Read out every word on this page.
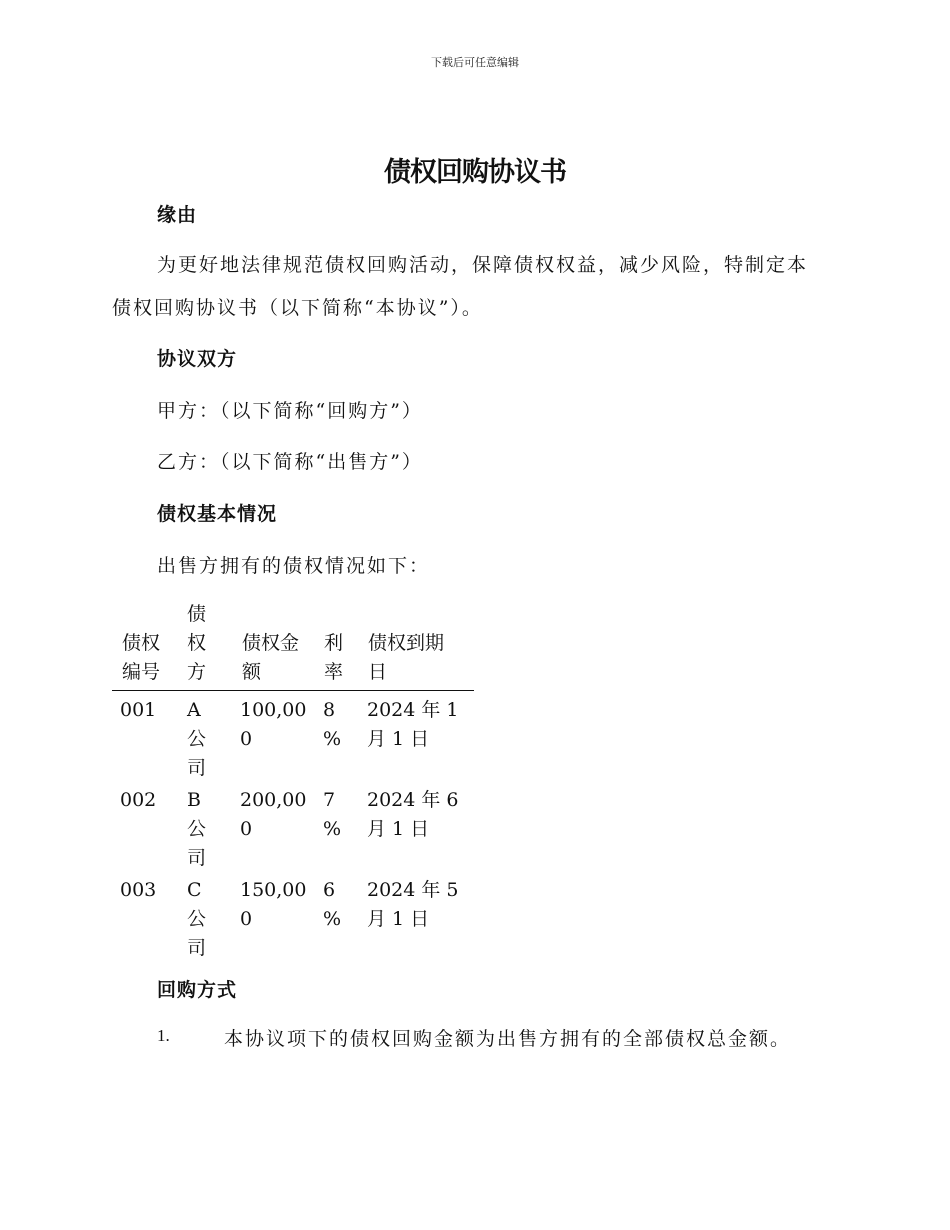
下载后可任意编辑
债权回购协议书
缘由
为更好地法律规范债权回购活动，保障债权权益，减少风险，特制定本
债权回购协议书（以下简称“本协议”）。
协议双方
甲方：（以下简称“回购方”）
乙方：（以下简称“出售方”）
债权基本情况
出售方拥有的债权情况如下：
债权
编号
债
权
方
债权金
额
利
率
债权到期
日
001 A
公
司
100,00
0
8
%
2024 年 1
月 1 日
002 B
公
司
200,00
0
7
%
2024 年 6
月 1 日
003 C
公
司
150,00
0
6
%
2024 年 5
月 1 日
回购方式
1.	本协议项下的债权回购金额为出售方拥有的全部债权总金额。
